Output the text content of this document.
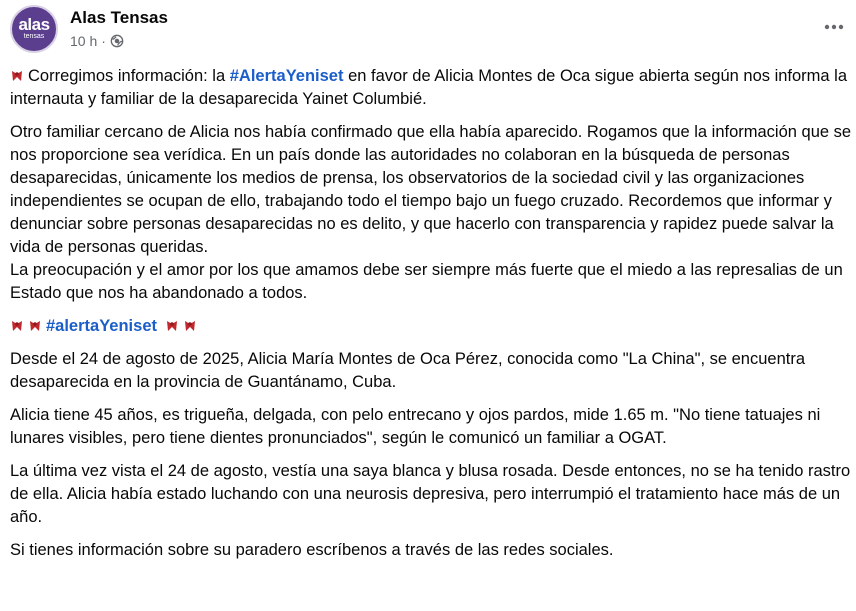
alas
tensas
Alas Tensas
10 h ·

Corregimos información: la #AlertaYeniset en favor de Alicia Montes de Oca sigue abierta según nos informa la internauta y familiar de la desaparecida Yainet Columbié.

Otro familiar cercano de Alicia nos había confirmado que ella había aparecido. Rogamos que la información que se nos proporcione sea verídica. En un país donde las autoridades no colaboran en la búsqueda de personas desaparecidas, únicamente los medios de prensa, los observatorios de la sociedad civil y las organizaciones independientes se ocupan de ello, trabajando todo el tiempo bajo un fuego cruzado. Recordemos que informar y denunciar sobre personas desaparecidas no es delito, y que hacerlo con transparencia y rapidez puede salvar la vida de personas queridas.
La preocupación y el amor por los que amamos debe ser siempre más fuerte que el miedo a las represalias de un Estado que nos ha abandonado a todos.

#alertaYeniset

Desde el 24 de agosto de 2025, Alicia María Montes de Oca Pérez, conocida como "La China", se encuentra desaparecida en la provincia de Guantánamo, Cuba.

Alicia tiene 45 años, es trigueña, delgada, con pelo entrecano y ojos pardos, mide 1.65 m. "No tiene tatuajes ni lunares visibles, pero tiene dientes pronunciados", según le comunicó un familiar a OGAT.

La última vez vista el 24 de agosto, vestía una saya blanca y blusa rosada. Desde entonces, no se ha tenido rastro de ella. Alicia había estado luchando con una neurosis depresiva, pero interrumpió el tratamiento hace más de un año.

Si tienes información sobre su paradero escríbenos a través de las redes sociales.
